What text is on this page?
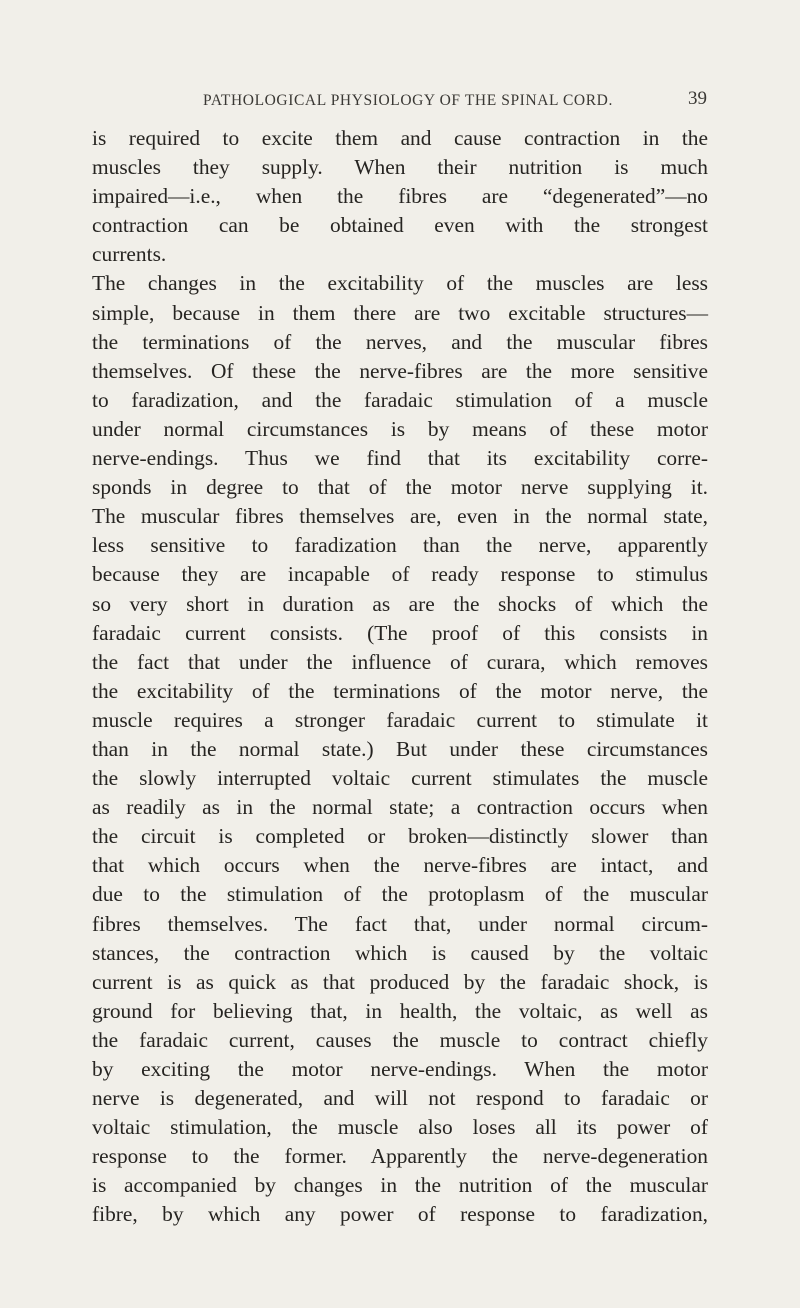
PATHOLOGICAL PHYSIOLOGY OF THE SPINAL CORD.	39
is required to excite them and cause contraction in the
muscles they supply. When their nutrition is much
impaired—i.e., when the fibres are “degenerated”—no
contraction can be obtained even with the strongest
currents.
The changes in the excitability of the muscles are less
simple, because in them there are two excitable structures—
the terminations of the nerves, and the muscular fibres
themselves. Of these the nerve-fibres are the more sensitive
to faradization, and the faradaic stimulation of a muscle
under normal circumstances is by means of these motor
nerve-endings. Thus we find that its excitability corre-
sponds in degree to that of the motor nerve supplying it.
The muscular fibres themselves are, even in the normal state,
less sensitive to faradization than the nerve, apparently
because they are incapable of ready response to stimulus
so very short in duration as are the shocks of which the
faradaic current consists. (The proof of this consists in
the fact that under the influence of curara, which removes
the excitability of the terminations of the motor nerve, the
muscle requires a stronger faradaic current to stimulate it
than in the normal state.) But under these circumstances
the slowly interrupted voltaic current stimulates the muscle
as readily as in the normal state; a contraction occurs when
the circuit is completed or broken—distinctly slower than
that which occurs when the nerve-fibres are intact, and
due to the stimulation of the protoplasm of the muscular
fibres themselves. The fact that, under normal circum-
stances, the contraction which is caused by the voltaic
current is as quick as that produced by the faradaic shock, is
ground for believing that, in health, the voltaic, as well as
the faradaic current, causes the muscle to contract chiefly
by exciting the motor nerve-endings. When the motor
nerve is degenerated, and will not respond to faradaic or
voltaic stimulation, the muscle also loses all its power of
response to the former. Apparently the nerve-degeneration
is accompanied by changes in the nutrition of the muscular
fibre, by which any power of response to faradization,
